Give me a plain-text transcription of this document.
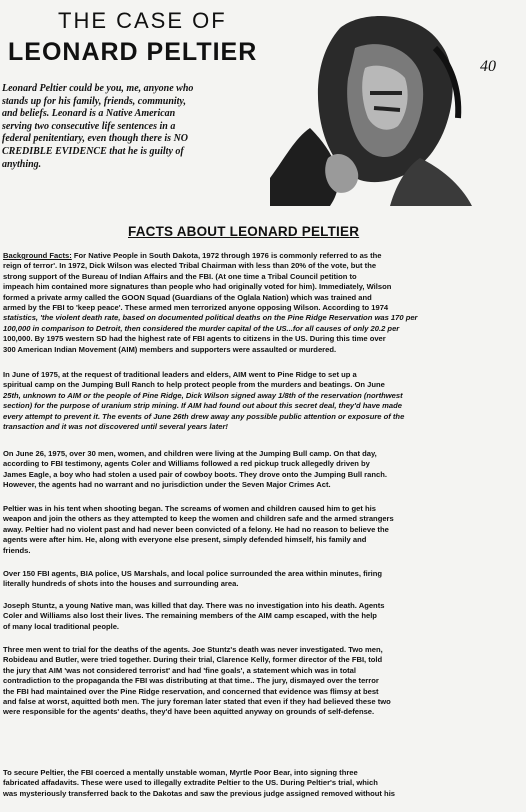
THE CASE OF
LEONARD PELTIER
40
Leonard Peltier could be you, me, anyone who
stands up for his family, friends, community,
and beliefs. Leonard is a Native American
serving two consecutive life sentences in a
federal penitentiary, even though there is NO
CREDIBLE EVIDENCE that he is guilty of
anything.
FACTS ABOUT LEONARD PELTIER
Background Facts: For Native People in South Dakota, 1972 through 1976 is commonly referred to as the
reign of terror'. In 1972, Dick Wilson was elected Tribal Chairman with less than 20% of the vote, but the
strong support of the Bureau of Indian Affairs and the FBI. (At one time a Tribal Council petition to
impeach him contained more signatures than people who had originally voted for him). Immediately, Wilson
formed a private army called the GOON Squad (Guardians of the Oglala Nation) which was trained and
armed by the FBI to 'keep peace'. These armed men terrorized anyone opposing Wilson. According to 1974
statistics, 'the violent death rate, based on documented political deaths on the Pine Ridge Reservation was 170 per
100,000 in comparison to Detroit, then considered the murder capital of the US...for all causes of only 20.2 per
100,000. By 1975 western SD had the highest rate of FBI agents to citizens in the US. During this time over
300 American Indian Movement (AIM) members and supporters were assaulted or murdered.
In June of 1975, at the request of traditional leaders and elders, AIM went to Pine Ridge to set up a
spiritual camp on the Jumping Bull Ranch to help protect people from the murders and beatings. On June
25th, unknown to AIM or the people of Pine Ridge, Dick Wilson signed away 1/8th of the reservation (northwest
section) for the purpose of uranium strip mining. If AIM had found out about this secret deal, they'd have made
every attempt to prevent it. The events of June 26th drew away any possible public attention or exposure of the
transaction and it was not discovered until several years later!
On June 26, 1975, over 30 men, women, and children were living at the Jumping Bull camp. On that day,
according to FBI testimony, agents Coler and Williams followed a red pickup truck allegedly driven by
James Eagle, a boy who had stolen a used pair of cowboy boots. They drove onto the Jumping Bull ranch.
However, the agents had no warrant and no jurisdiction under the Seven Major Crimes Act.
Peltier was in his tent when shooting began. The screams of women and children caused him to get his
weapon and join the others as they attempted to keep the women and children safe and the armed strangers
away. Peltier had no violent past and had never been convicted of a felony. He had no reason to believe the
agents were after him. He, along with everyone else present, simply defended himself, his family and
friends.
Over 150 FBI agents, BIA police, US Marshals, and local police surrounded the area within minutes, firing
literally hundreds of shots into the houses and surrounding area.
Joseph Stuntz, a young Native man, was killed that day. There was no investigation into his death. Agents
Coler and Williams also lost their lives. The remaining members of the AIM camp escaped, with the help
of many local traditional people.
Three men went to trial for the deaths of the agents. Joe Stuntz's death was never investigated. Two men,
Robideau and Butler, were tried together. During their trial, Clarence Kelly, former director of the FBI, told
the jury that AIM 'was not considered terrorist' and had 'fine goals', a statement which was in total
contradiction to the propaganda the FBI was distributing at that time.. The jury, dismayed over the terror
the FBI had maintained over the Pine Ridge reservation, and concerned that evidence was flimsy at best
and false at worst, aquitted both men. The jury foreman later stated that even if they had believed these two
were responsible for the agents' deaths, they'd have been aquitted anyway on grounds of self-defense.
To secure Peltier, the FBI coerced a mentally unstable woman, Myrtle Poor Bear, into signing three
fabricated affadavits. These were used to illegally extradite Peltier to the US. During Peltier's trial, which
was mysteriously transferred back to the Dakotas and saw the previous judge assigned removed without his
